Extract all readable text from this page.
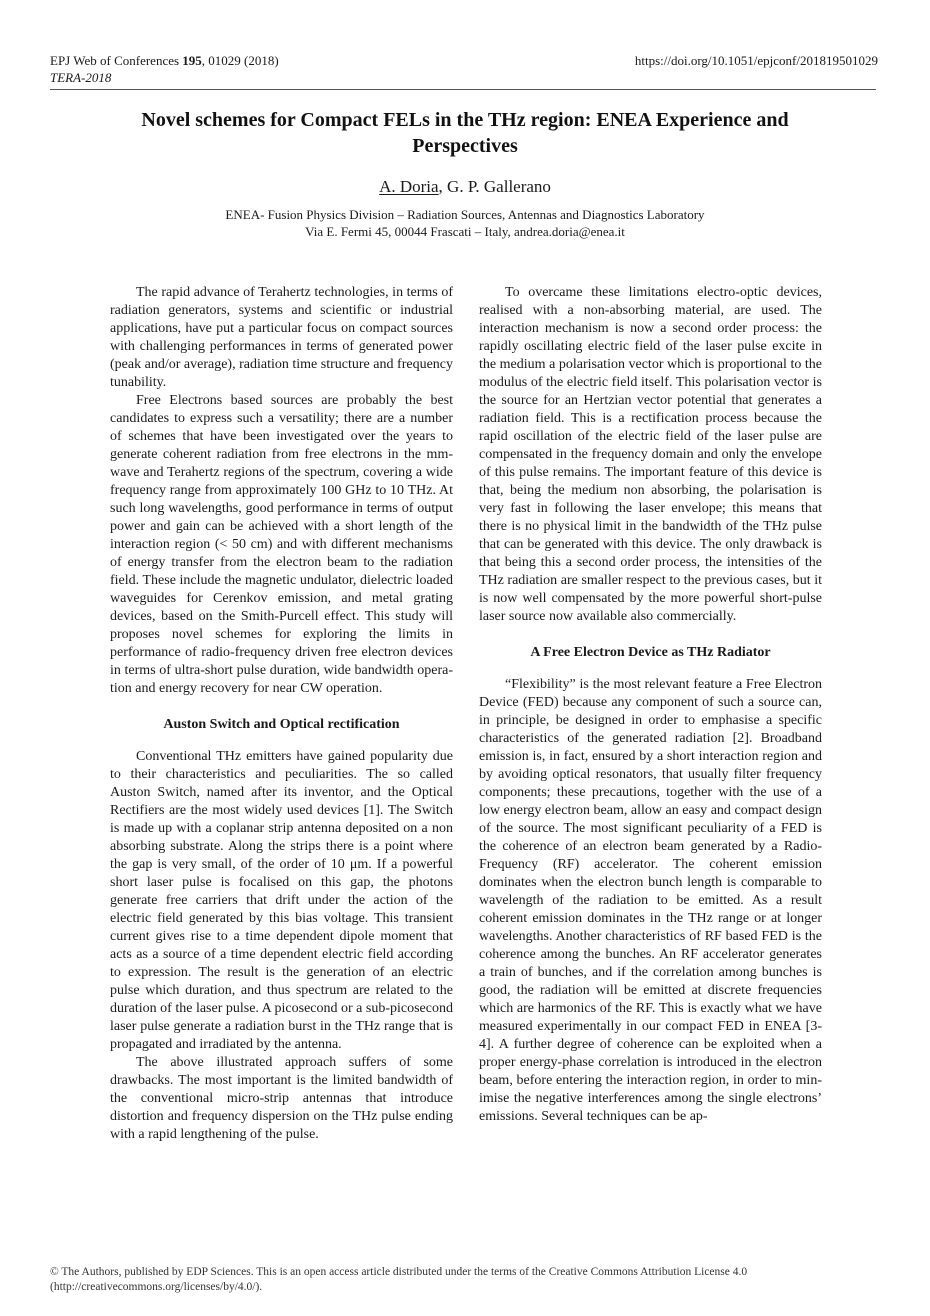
EPJ Web of Conferences 195, 01029 (2018)
TERA-2018
https://doi.org/10.1051/epjconf/201819501029
Novel schemes for Compact FELs in the THz region: ENEA Experience and Perspectives
A. Doria, G. P. Gallerano
ENEA- Fusion Physics Division – Radiation Sources, Antennas and Diagnostics Laboratory
Via E. Fermi 45, 00044 Frascati – Italy, andrea.doria@enea.it

The rapid advance of Terahertz technologies, in terms of radiation generators, systems and scientific or industrial applications, have put a particular focus on compact sources with challenging performances in terms of generated power (peak and/or average), radiation time structure and frequency tunability.

Free Electrons based sources are probably the best candidates to express such a versatility; there are a number of schemes that have been investigated over the years to generate coherent radiation from free electrons in the mm-wave and Terahertz regions of the spectrum, covering a wide frequency range from approximately 100 GHz to 10 THz. At such long wavelengths, good performance in terms of output power and gain can be achieved with a short length of the interaction region (< 50 cm) and with different mechanisms of energy transfer from the electron beam to the radiation field. These include the magnetic undulator, dielectric loaded waveguides for Cerenkov emission, and metal grating devices, based on the Smith-Purcell effect. This study will proposes novel schemes for exploring the limits in performance of radio-frequency driven free electron devices in terms of ultra-short pulse duration, wide bandwidth operation and energy recovery for near CW operation.

Auston Switch and Optical rectification

Conventional THz emitters have gained popularity due to their characteristics and peculiarities. The so called Auston Switch, named after its inventor, and the Optical Rectifiers are the most widely used devices [1]. The Switch is made up with a coplanar strip antenna deposited on a non absorbing substrate. Along the strips there is a point where the gap is very small, of the order of 10 μm. If a powerful short laser pulse is focalised on this gap, the photons generate free carriers that drift under the action of the electric field generated by this bias voltage. This transient current gives rise to a time dependent dipole moment that acts as a source of a time dependent electric field according to expression. The result is the generation of an electric pulse which duration, and thus spectrum are related to the duration of the laser pulse. A picosecond or a sub-picosecond laser pulse generate a radiation burst in the THz range that is propagated and irradiated by the antenna.

The above illustrated approach suffers of some drawbacks. The most important is the limited bandwidth of the conventional micro-strip antennas that introduce distortion and frequency dispersion on the THz pulse ending with a rapid lengthening of the pulse.

To overcame these limitations electro-optic devices, realised with a non-absorbing material, are used. The interaction mechanism is now a second order process: the rapidly oscillating electric field of the laser pulse excite in the medium a polarisation vector which is proportional to the modulus of the electric field itself. This polarisation vector is the source for an Hertzian vector potential that generates a radiation field. This is a rectification process because the rapid oscillation of the electric field of the laser pulse are compensated in the frequency domain and only the envelope of this pulse remains. The important feature of this device is that, being the medium non absorbing, the polarisation is very fast in following the laser envelope; this means that there is no physical limit in the bandwidth of the THz pulse that can be generated with this device. The only drawback is that being this a second order process, the intensities of the THz radiation are smaller respect to the previous cases, but it is now well compensated by the more powerful short-pulse laser source now available also commercially.

A Free Electron Device as THz Radiator

“Flexibility” is the most relevant feature a Free Electron Device (FED) because any component of such a source can, in principle, be designed in order to emphasise a specific characteristics of the generated radiation [2]. Broadband emission is, in fact, ensured by a short interaction region and by avoiding optical resonators, that usually filter frequency components; these precautions, together with the use of a low energy electron beam, allow an easy and compact design of the source. The most significant peculiarity of a FED is the coherence of an electron beam generated by a Radio-Frequency (RF) accelerator. The coherent emission dominates when the electron bunch length is comparable to wavelength of the radiation to be emitted. As a result coherent emission dominates in the THz range or at longer wavelengths. Another characteristics of RF based FED is the coherence among the bunches. An RF accelerator generates a train of bunches, and if the correlation among bunches is good, the radiation will be emitted at discrete frequencies which are harmonics of the RF. This is exactly what we have measured experimentally in our compact FED in ENEA [3-4]. A further degree of coherence can be exploited when a proper energy-phase correlation is introduced in the electron beam, before entering the interaction region, in order to minimise the negative interferences among the single electrons’ emissions. Several techniques can be ap-

© The Authors, published by EDP Sciences. This is an open access article distributed under the terms of the Creative Commons Attribution License 4.0
(http://creativecommons.org/licenses/by/4.0/).
